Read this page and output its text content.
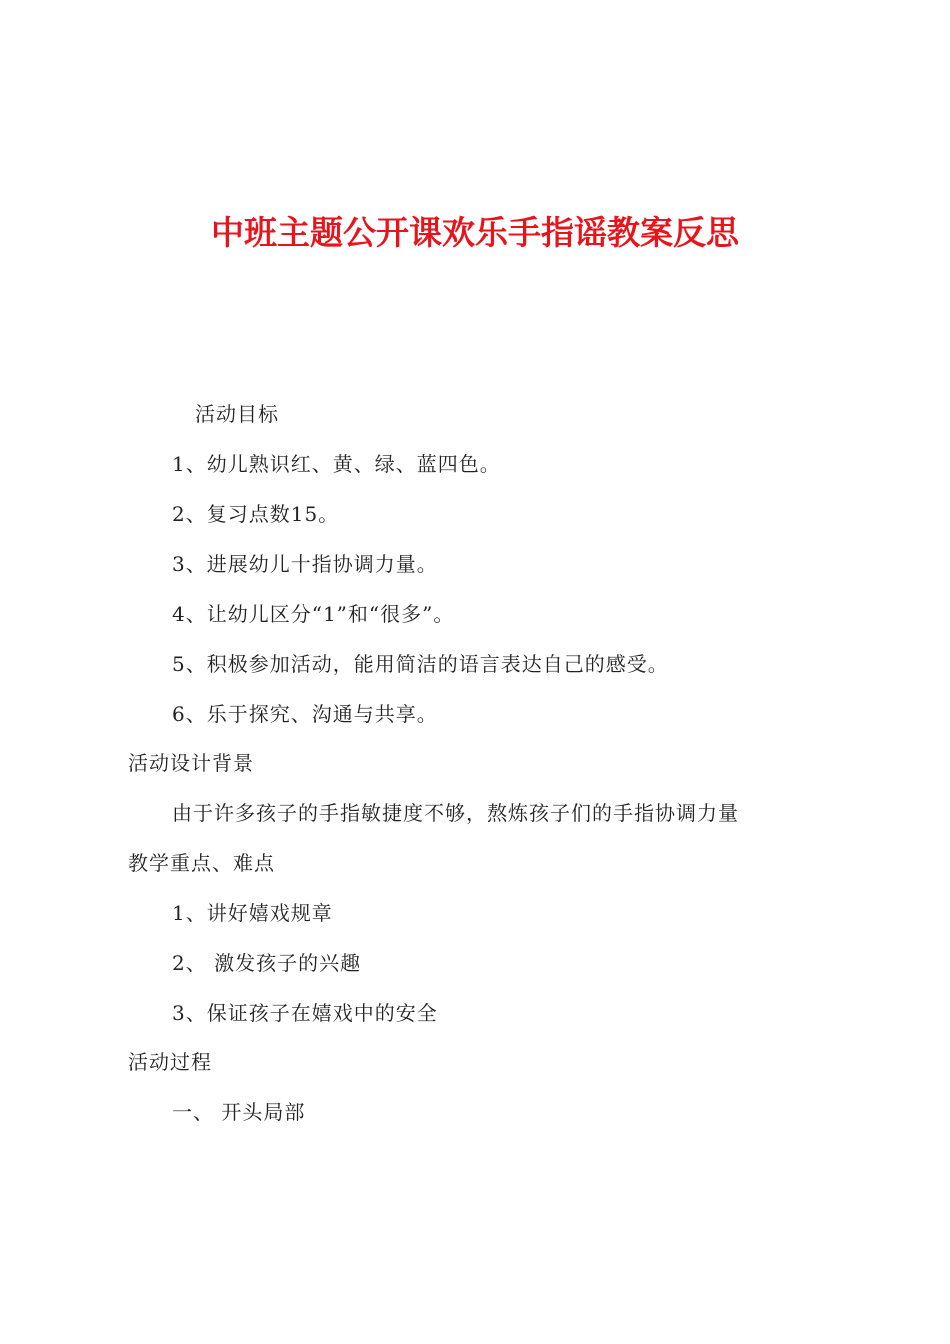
中班主题公开课欢乐手指谣教案反思
活动目标
1、幼儿熟识红、黄、绿、蓝四色。
2、复习点数15。
3、进展幼儿十指协调力量。
4、让幼儿区分“1”和“很多”。
5、积极参加活动，能用简洁的语言表达自己的感受。
6、乐于探究、沟通与共享。
活动设计背景
由于许多孩子的手指敏捷度不够，熬炼孩子们的手指协调力量
教学重点、难点
1、讲好嬉戏规章
2、 激发孩子的兴趣
3、保证孩子在嬉戏中的安全
活动过程
一、 开头局部
